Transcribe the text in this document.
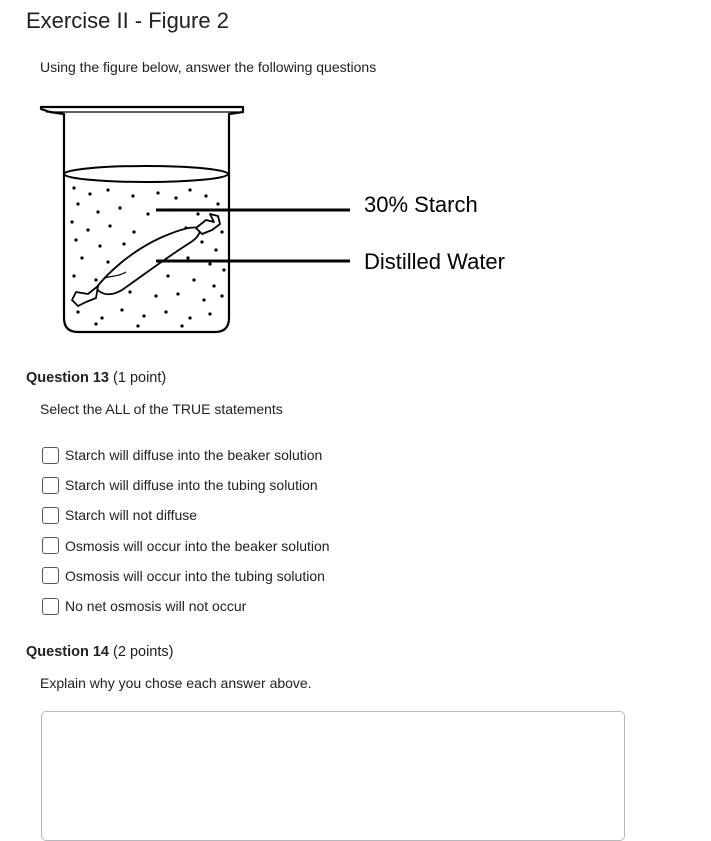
Exercise II - Figure 2
Using the figure below, answer the following questions
30% Starch
Distilled Water
Question 13 (1 point)
Select the ALL of the TRUE statements
Starch will diffuse into the beaker solution
Starch will diffuse into the tubing solution
Starch will not diffuse
Osmosis will occur into the beaker solution
Osmosis will occur into the tubing solution
No net osmosis will not occur
Question 14 (2 points)
Explain why you chose each answer above.
